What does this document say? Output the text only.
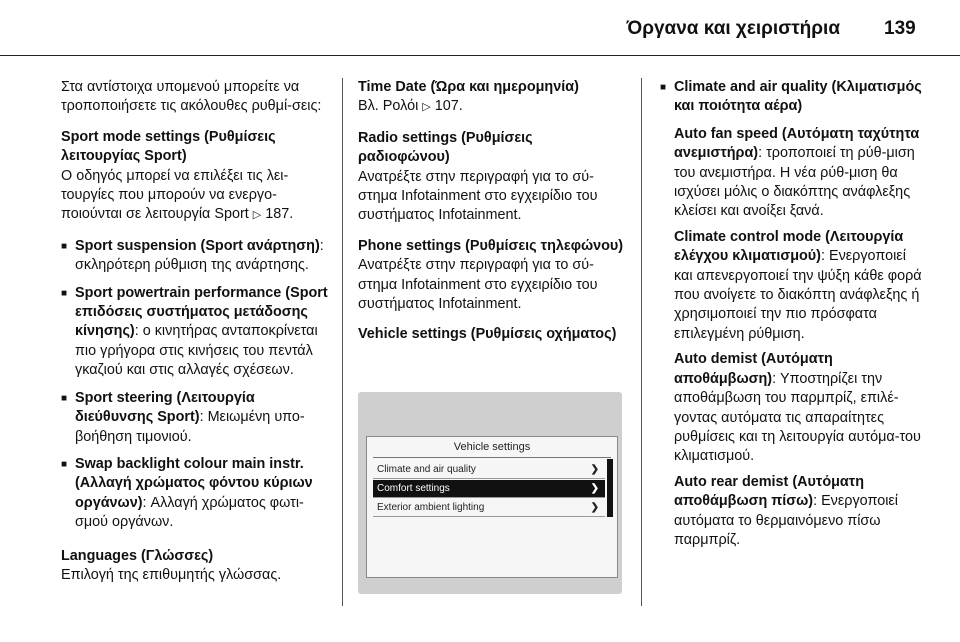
Όργανα και χειριστήρια 139

Στα αντίστοιχα υπομενού μπορείτε να τροποποιήσετε τις ακόλουθες ρυθμί-σεις:

Sport mode settings (Ρυθμίσεις λειτουργίας Sport)
Ο οδηγός μπορεί να επιλέξει τις λει-τουργίες που μπορούν να ενεργο-ποιούνται σε λειτουργία Sport ▷ 187.

■ Sport suspension (Sport ανάρτηση): σκληρότερη ρύθμιση της ανάρτησης.
■ Sport powertrain performance (Sport επιδόσεις συστήματος μετάδοσης κίνησης): ο κινητήρας ανταποκρίνεται πιο γρήγορα στις κινήσεις του πεντάλ γκαζιού και στις αλλαγές σχέσεων.
■ Sport steering (Λειτουργία διεύθυνσης Sport): Μειωμένη υπο-βοήθηση τιμονιού.
■ Swap backlight colour main instr. (Αλλαγή χρώματος φόντου κύριων οργάνων): Αλλαγή χρώματος φωτι-σμού οργάνων.

Languages (Γλώσσες)
Επιλογή της επιθυμητής γλώσσας.

Time Date (Ώρα και ημερομηνία)
Βλ. Ρολόι ▷ 107.

Radio settings (Ρυθμίσεις ραδιοφώνου)
Ανατρέξτε στην περιγραφή για το σύ-στημα Infotainment στο εγχειρίδιο του συστήματος Infotainment.

Phone settings (Ρυθμίσεις τηλεφώνου)
Ανατρέξτε στην περιγραφή για το σύ-στημα Infotainment στο εγχειρίδιο του συστήματος Infotainment.

Vehicle settings (Ρυθμίσεις οχήματος)

Vehicle settings
Climate and air quality	❯
Comfort settings	❯
Exterior ambient lighting	❯
■ Climate and air quality (Κλιματισμός και ποιότητα αέρα)

Auto fan speed (Αυτόματη ταχύτητα ανεμιστήρα): τροποποιεί τη ρύθ-μιση του ανεμιστήρα. Η νέα ρύθ-μιση θα ισχύσει μόλις ο διακόπτης ανάφλεξης κλείσει και ανοίξει ξανά.

Climate control mode (Λειτουργία ελέγχου κλιματισμού): Ενεργοποιεί και απενεργοποιεί την ψύξη κάθε φορά που ανοίγετε το διακόπτη ανάφλεξης ή χρησιμοποιεί την πιο πρόσφατα επιλεγμένη ρύθμιση.

Auto demist (Αυτόματη αποθάμβωση): Υποστηρίζει την αποθάμβωση του παρμπρίζ, επιλέ-γοντας αυτόματα τις απαραίτητες ρυθμίσεις και τη λειτουργία αυτόμα-του κλιματισμού.

Auto rear demist (Αυτόματη αποθάμβωση πίσω): Ενεργοποιεί αυτόματα το θερμαινόμενο πίσω παρμπρίζ.
